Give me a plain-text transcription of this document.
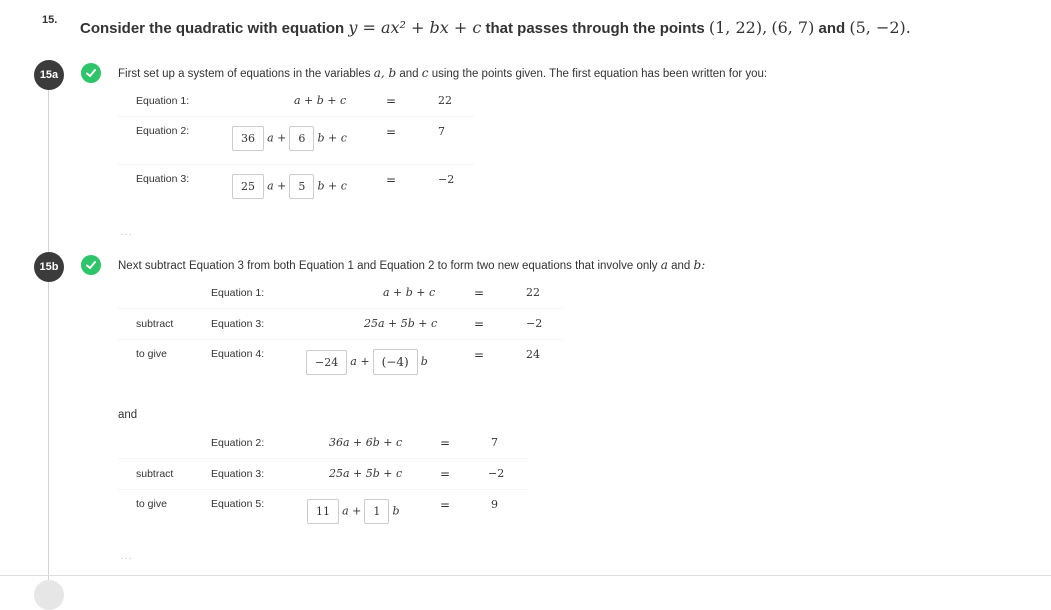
15. Consider the quadratic with equation y = ax² + bx + c that passes through the points (1, 22), (6, 7) and (5, −2).
15a	First set up a system of equations in the variables a, b and c using the points given. The first equation has been written for you:
Equation 1:	a + b + c	=	22
Equation 2:
36 a + 6 b + c	=	7
Equation 3:
25 a + 5 b + c	=	−2
···
15b	Next subtract Equation 3 from both Equation 1 and Equation 2 to form two new equations that involve only a and b:
Equation 1:	a + b + c	=	22
subtract	Equation 3:	25a + 5b + c	=	−2
to give	Equation 4:
−24 a + (−4) b	=	24
and
Equation 2:	36a + 6b + c	=	7
subtract	Equation 3:	25a + 5b + c	=	−2
to give	Equation 5:
11 a + 1 b	=	9
···
